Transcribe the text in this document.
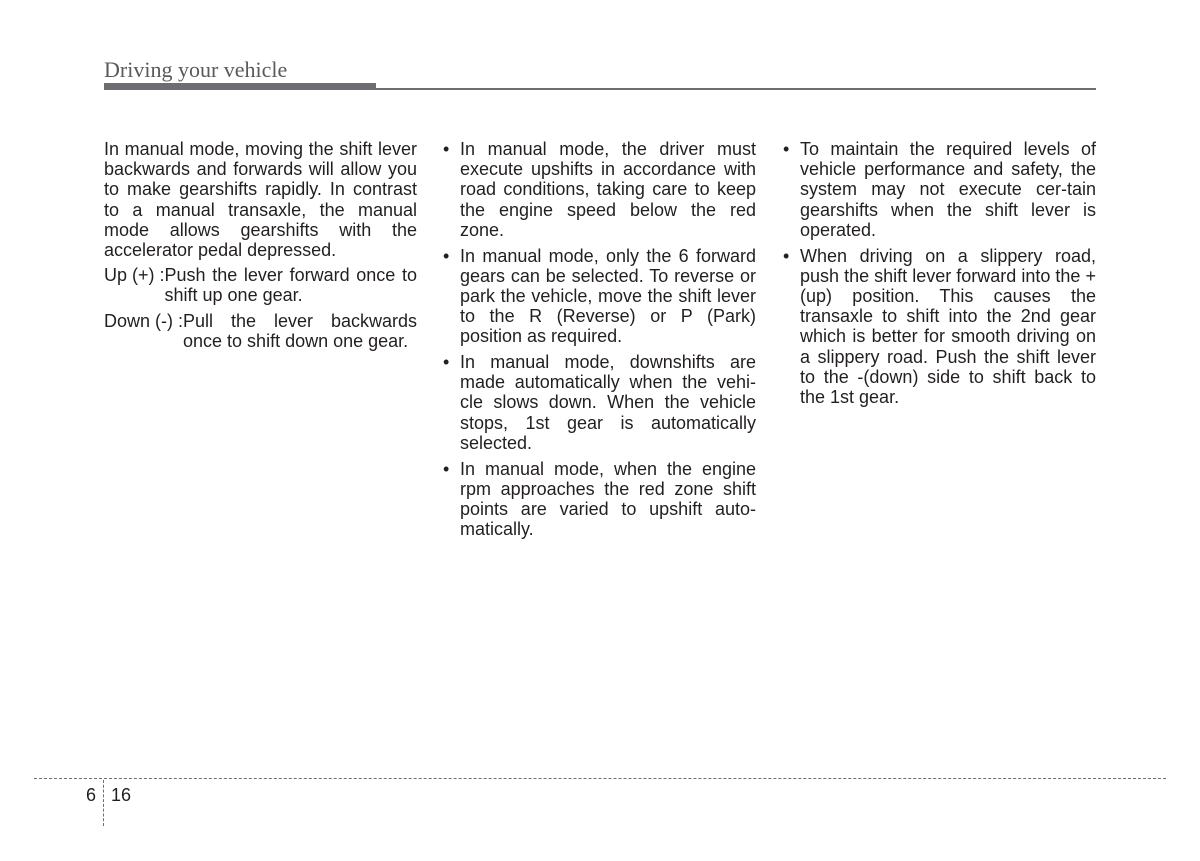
Driving your vehicle
In manual mode, moving the shift lever backwards and forwards will allow you to make gearshifts rapidly. In contrast to a manual transaxle, the manual mode allows gearshifts with the accelerator pedal depressed.
Up (+) : Push the lever forward once to shift up one gear.
Down (-) : Pull the lever backwards once to shift down one gear.
• In manual mode, the driver must execute upshifts in accordance with road conditions, taking care to keep the engine speed below the red zone.
• In manual mode, only the 6 forward gears can be selected. To reverse or park the vehicle, move the shift lever to the R (Reverse) or P (Park) position as required.
• In manual mode, downshifts are made automatically when the vehi-cle slows down. When the vehicle stops, 1st gear is automatically selected.
• In manual mode, when the engine rpm approaches the red zone shift points are varied to upshift auto-matically.
• To maintain the required levels of vehicle performance and safety, the system may not execute cer-tain gearshifts when the shift lever is operated.
• When driving on a slippery road, push the shift lever forward into the +(up) position. This causes the transaxle to shift into the 2nd gear which is better for smooth driving on a slippery road. Push the shift lever to the -(down) side to shift back to the 1st gear.
6 16
